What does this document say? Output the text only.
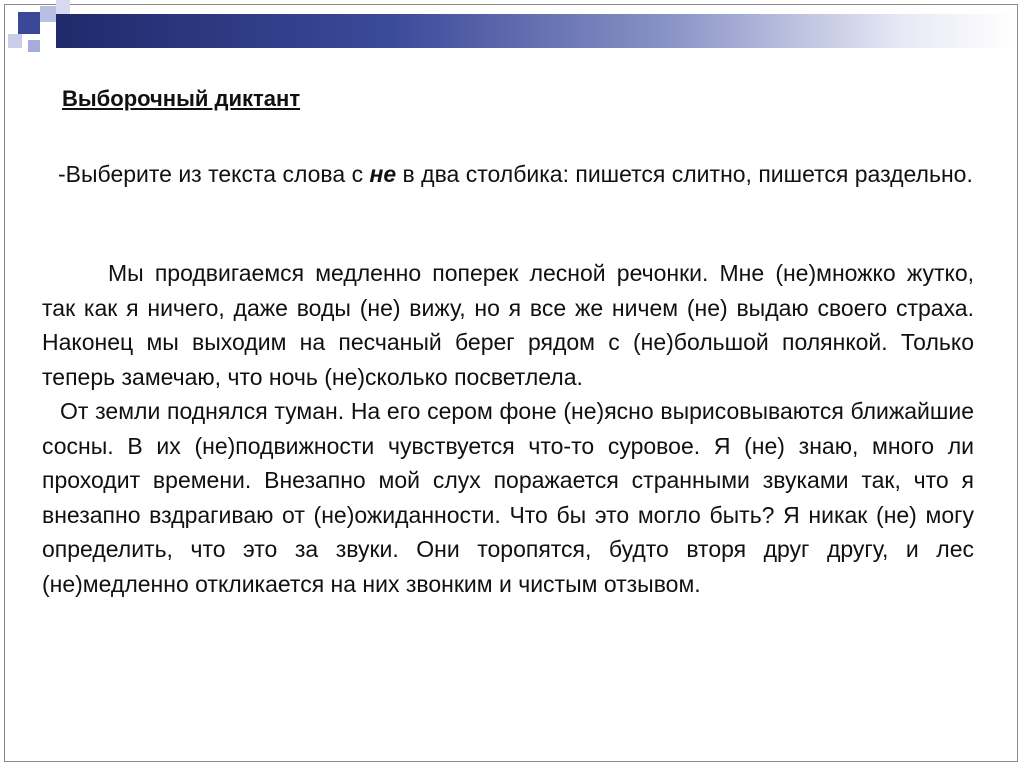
Выборочный диктант

-Выберите из текста слова с не в два столбика: пишется слитно, пишется раздельно.

Мы продвигаемся медленно поперек лесной речонки. Мне (не)множко жутко, так как я ничего, даже воды (не) вижу, но я все же ничем (не) выдаю своего страха. Наконец мы выходим на песчаный берег рядом с (не)большой полянкой. Только теперь замечаю, что ночь (не)сколько посветлела.

От земли поднялся туман. На его сером фоне (не)ясно вырисовываются ближайшие сосны. В их (не)подвижности чувствуется что-то суровое. Я (не) знаю, много ли проходит времени. Внезапно мой слух поражается странными звуками так, что я внезапно вздрагиваю от (не)ожиданности. Что бы это могло быть? Я никак (не) могу определить, что это за звуки. Они торопятся, будто вторя друг другу, и лес (не)медленно откликается на них звонким и чистым отзывом.
